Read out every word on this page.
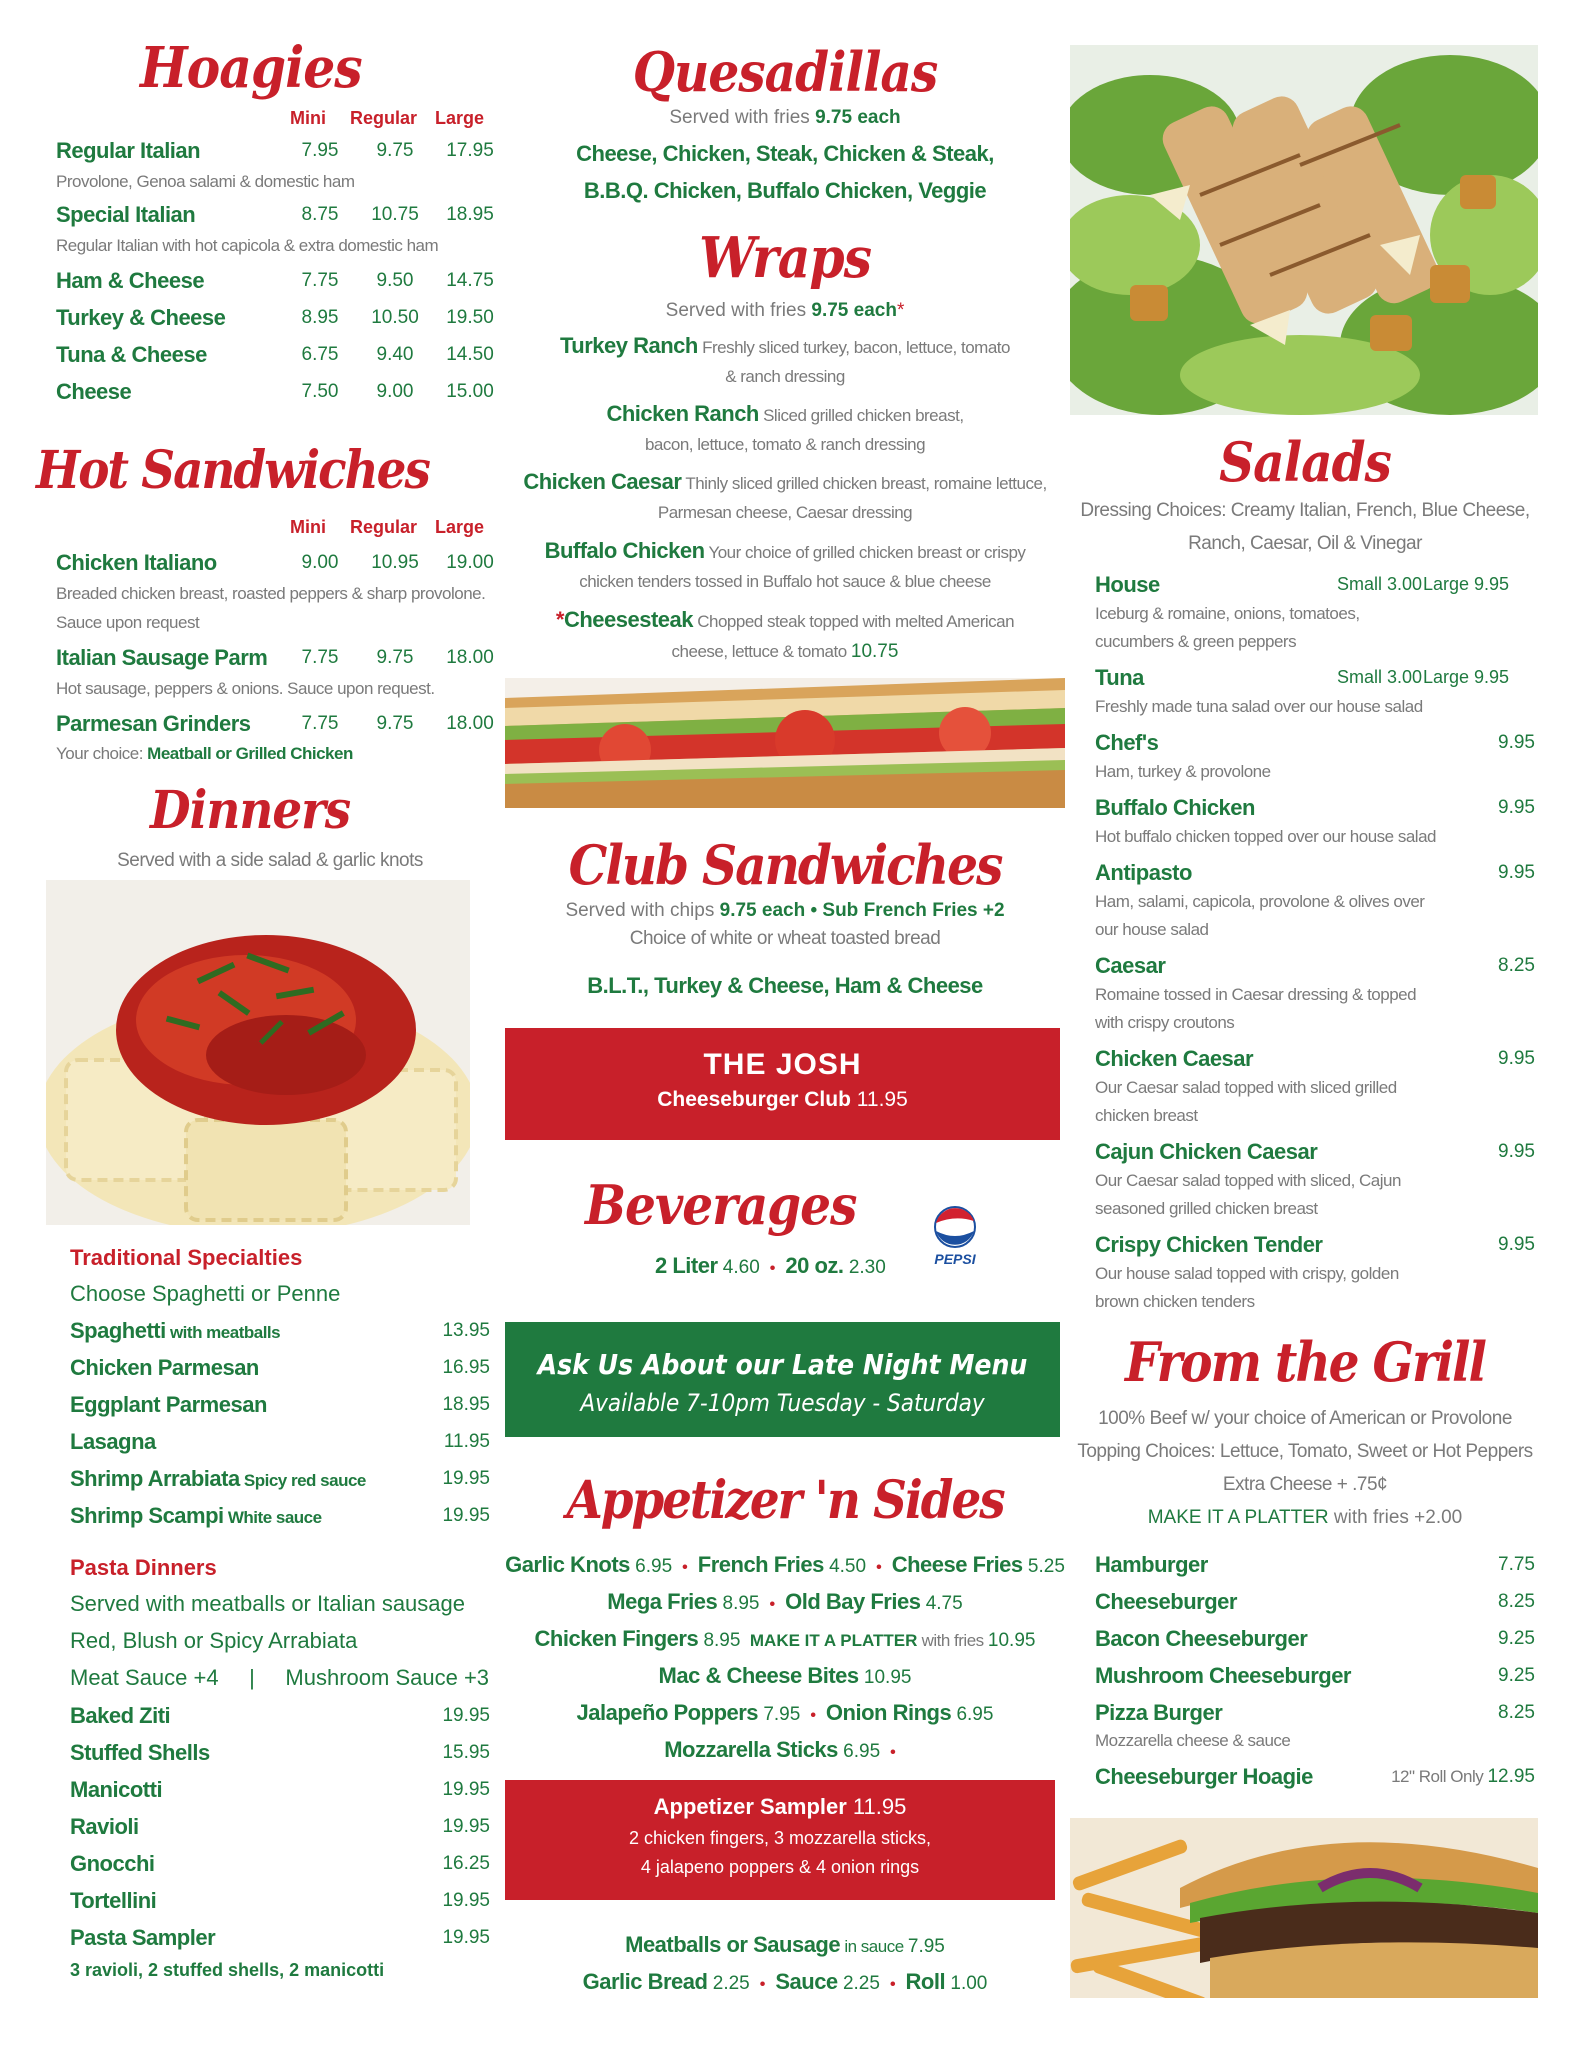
Hoagies
Mini Regular Large
Regular Italian	7.95	9.75	17.95
Provolone, Genoa salami & domestic ham
Special Italian	8.75	10.75	18.95
Regular Italian with hot capicola & extra domestic ham
Ham & Cheese	7.75	9.50	14.75
Turkey & Cheese	8.95	10.50	19.50
Tuna & Cheese	6.75	9.40	14.50
Cheese	7.50	9.00	15.00
Hot Sandwiches
Mini Regular Large
Chicken Italiano	9.00	10.95	19.00
Breaded chicken breast, roasted peppers & sharp provolone.
Sauce upon request
Italian Sausage Parm	7.75	9.75	18.00
Hot sausage, peppers & onions. Sauce upon request.
Parmesan Grinders	7.75	9.75	18.00
Your choice: Meatball or Grilled Chicken
Dinners
Served with a side salad & garlic knots
Traditional Specialties
Choose Spaghetti or Penne
Spaghetti with meatballs	13.95
Chicken Parmesan	16.95
Eggplant Parmesan	18.95
Lasagna	11.95
Shrimp Arrabiata Spicy red sauce	19.95
Shrimp Scampi White sauce	19.95
Pasta Dinners
Served with meatballs or Italian sausage
Red, Blush or Spicy Arrabiata
Meat Sauce +4     |     Mushroom Sauce +3
Baked Ziti	19.95
Stuffed Shells	15.95
Manicotti	19.95
Ravioli	19.95
Gnocchi	16.25
Tortellini	19.95
Pasta Sampler	19.95
3 ravioli, 2 stuffed shells, 2 manicotti
Quesadillas
Served with fries 9.75 each
Cheese, Chicken, Steak, Chicken & Steak,
B.B.Q. Chicken, Buffalo Chicken, Veggie
Wraps
Served with fries 9.75 each*
Turkey Ranch Freshly sliced turkey, bacon, lettuce, tomato
& ranch dressing
Chicken Ranch Sliced grilled chicken breast,
bacon, lettuce, tomato & ranch dressing
Chicken Caesar Thinly sliced grilled chicken breast, romaine lettuce,
Parmesan cheese, Caesar dressing
Buffalo Chicken Your choice of grilled chicken breast or crispy
chicken tenders tossed in Buffalo hot sauce & blue cheese
*Cheesesteak Chopped steak topped with melted American
cheese, lettuce & tomato 10.75
Club Sandwiches
Served with chips 9.75 each • Sub French Fries +2
Choice of white or wheat toasted bread
B.L.T., Turkey & Cheese, Ham & Cheese
THE JOSH
Cheeseburger Club 11.95
Beverages
PEPSI
2 Liter 4.60 • 20 oz. 2.30
Ask Us About our Late Night Menu
Available 7-10pm Tuesday - Saturday
Appetizer 'n Sides
Garlic Knots 6.95 • French Fries 4.50 • Cheese Fries 5.25
Mega Fries 8.95 • Old Bay Fries 4.75
Chicken Fingers 8.95  MAKE IT A PLATTER with fries 10.95
Mac & Cheese Bites 10.95
Jalapeño Poppers 7.95 • Onion Rings 6.95
Mozzarella Sticks 6.95 •
Appetizer Sampler 11.95
2 chicken fingers, 3 mozzarella sticks,
4 jalapeno poppers & 4 onion rings
Meatballs or Sausage in sauce 7.95
Garlic Bread 2.25 • Sauce 2.25 • Roll 1.00
Salads
Dressing Choices: Creamy Italian, French, Blue Cheese,
Ranch, Caesar, Oil & Vinegar
House	Small 3.00 Large 9.95
Iceburg & romaine, onions, tomatoes,
cucumbers & green peppers
Tuna	Small 3.00 Large 9.95
Freshly made tuna salad over our house salad
Chef's	9.95
Ham, turkey & provolone
Buffalo Chicken	9.95
Hot buffalo chicken topped over our house salad
Antipasto	9.95
Ham, salami, capicola, provolone & olives over
our house salad
Caesar	8.25
Romaine tossed in Caesar dressing & topped
with crispy croutons
Chicken Caesar	9.95
Our Caesar salad topped with sliced grilled
chicken breast
Cajun Chicken Caesar	9.95
Our Caesar salad topped with sliced, Cajun
seasoned grilled chicken breast
Crispy Chicken Tender	9.95
Our house salad topped with crispy, golden
brown chicken tenders
From the Grill
100% Beef w/ your choice of American or Provolone
Topping Choices: Lettuce, Tomato, Sweet or Hot Peppers
Extra Cheese + .75¢
MAKE IT A PLATTER with fries +2.00
Hamburger	7.75
Cheeseburger	8.25
Bacon Cheeseburger	9.25
Mushroom Cheeseburger	9.25
Pizza Burger	8.25
Mozzarella cheese & sauce
Cheeseburger Hoagie	12" Roll Only 12.95
